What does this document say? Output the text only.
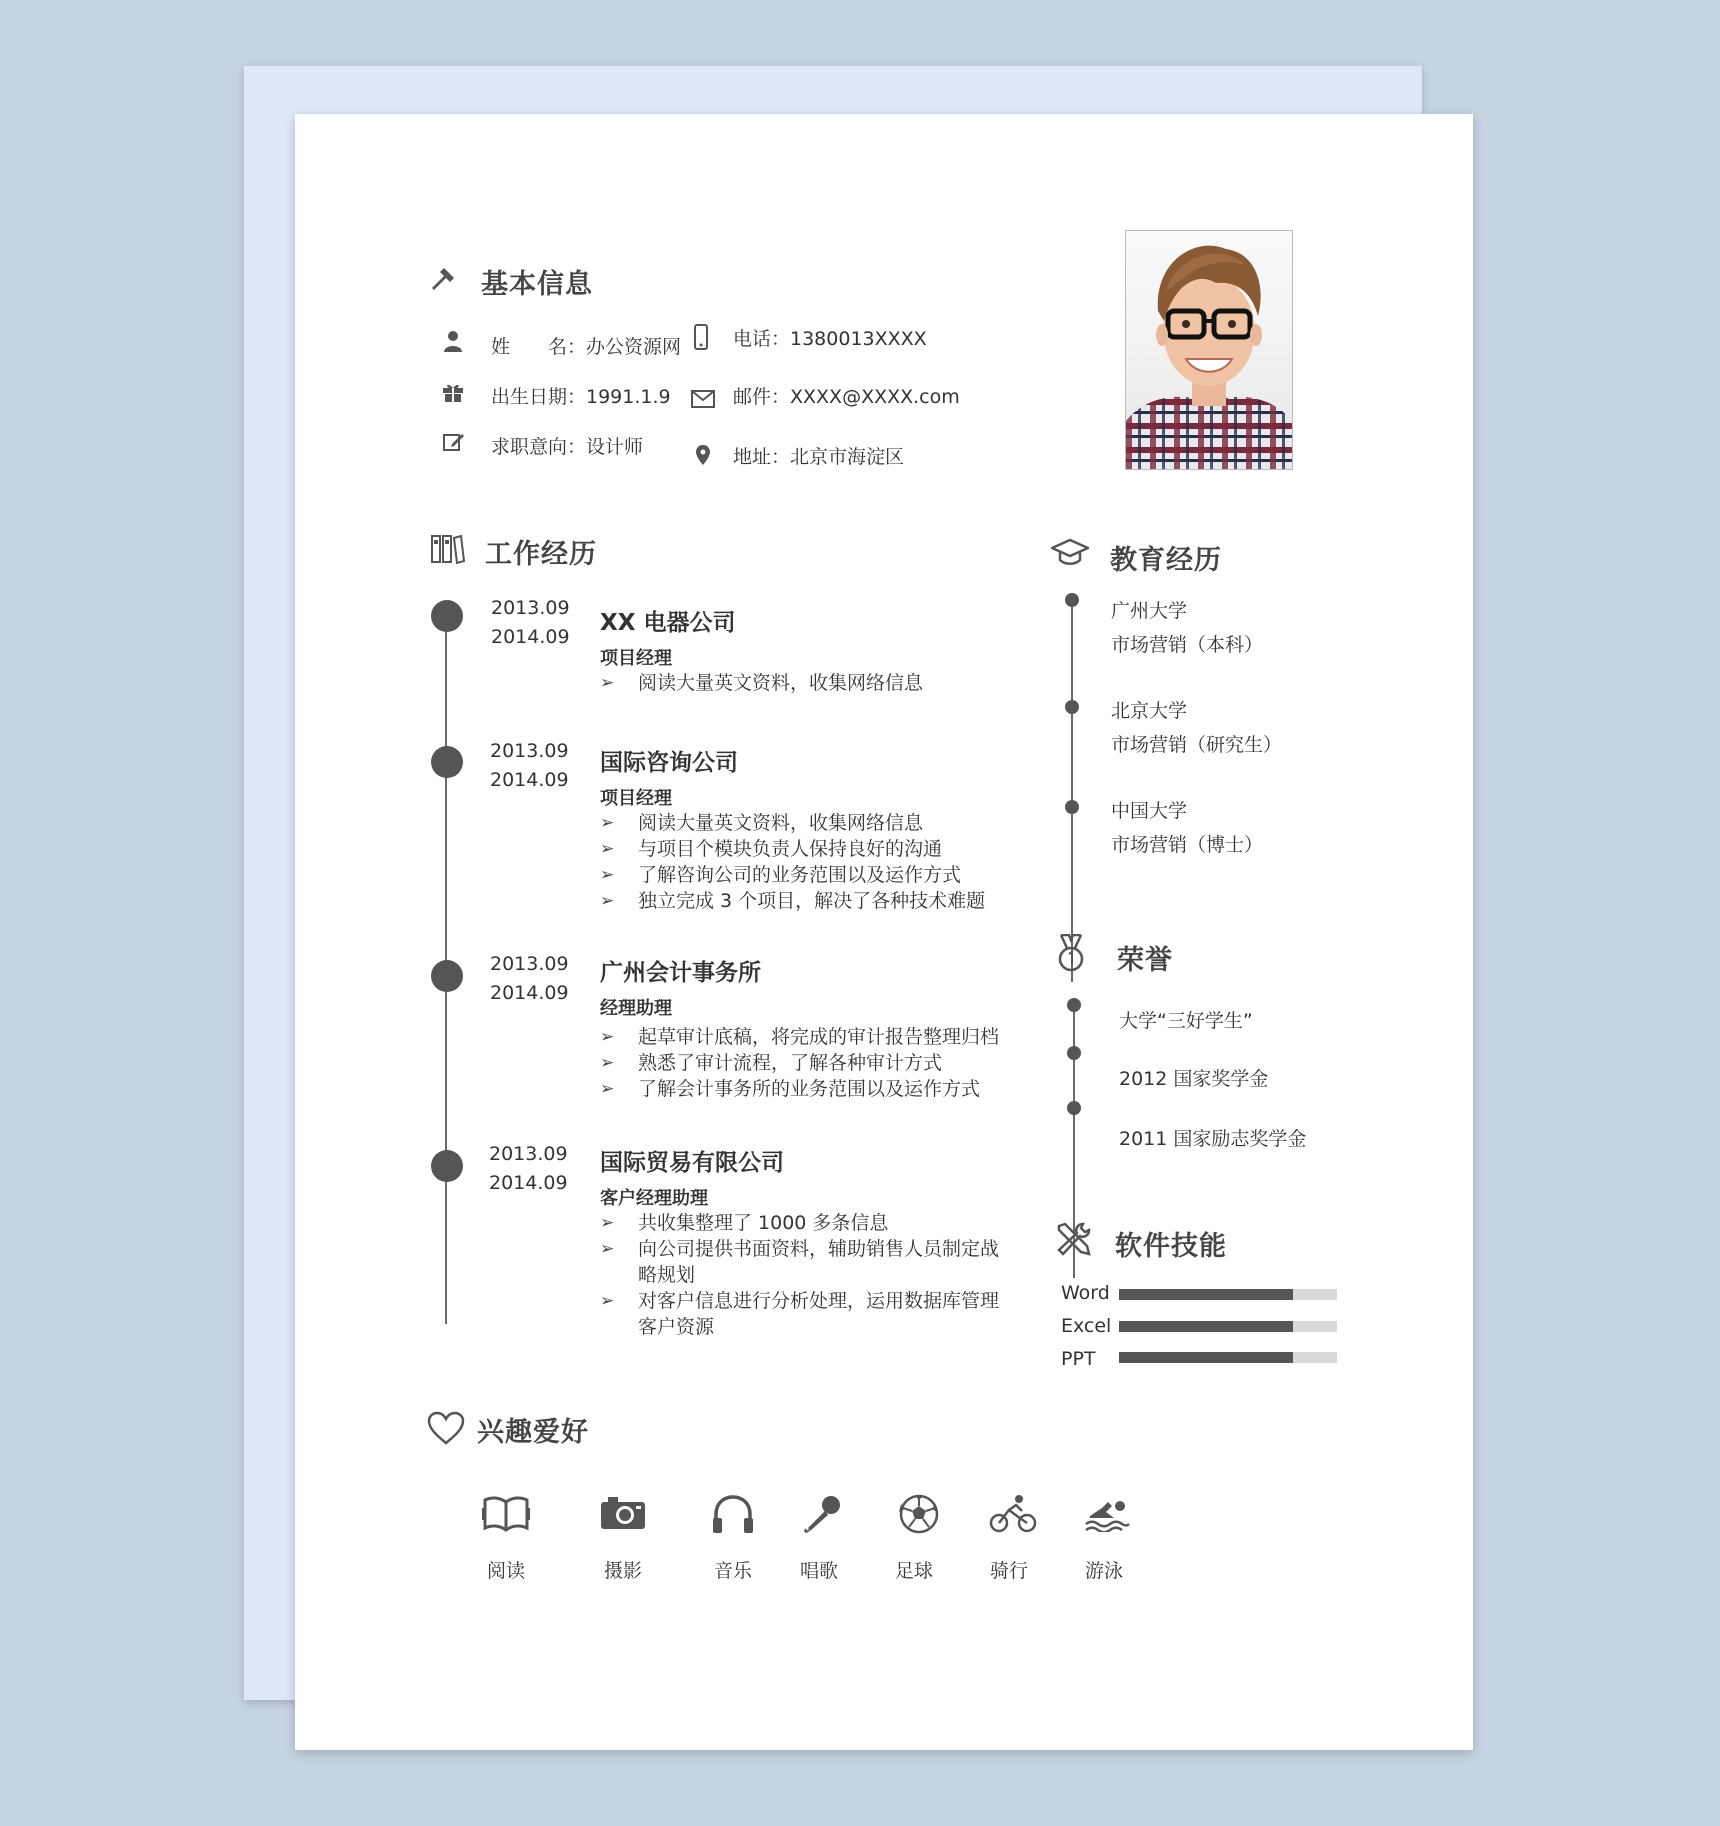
基本信息
姓　　名：办公资源网
出生日期：1991.1.9
求职意向：设计师
电话：1380013XXXX
邮件：XXXX@XXXX.com
地址：北京市海淀区
工作经历
2013.09
2014.09
XX 电器公司
项目经理
➢ 阅读大量英文资料，收集网络信息
2013.09
2014.09
国际咨询公司
项目经理
➢ 阅读大量英文资料，收集网络信息
➢ 与项目个模块负责人保持良好的沟通
➢ 了解咨询公司的业务范围以及运作方式
➢ 独立完成 3 个项目，解决了各种技术难题
2013.09
2014.09
广州会计事务所
经理助理
➢ 起草审计底稿，将完成的审计报告整理归档
➢ 熟悉了审计流程，了解各种审计方式
➢ 了解会计事务所的业务范围以及运作方式
2013.09
2014.09
国际贸易有限公司
客户经理助理
➢ 共收集整理了 1000 多条信息
➢ 向公司提供书面资料，辅助销售人员制定战略规划
➢ 对客户信息进行分析处理，运用数据库管理客户资源
教育经历
广州大学
市场营销（本科）
北京大学
市场营销（研究生）
中国大学
市场营销（博士）
荣誉
大学“三好学生”
2012 国家奖学金
2011 国家励志奖学金
软件技能
Word
Excel
PPT
兴趣爱好
阅读	摄影	音乐	唱歌	足球	骑行	游泳
